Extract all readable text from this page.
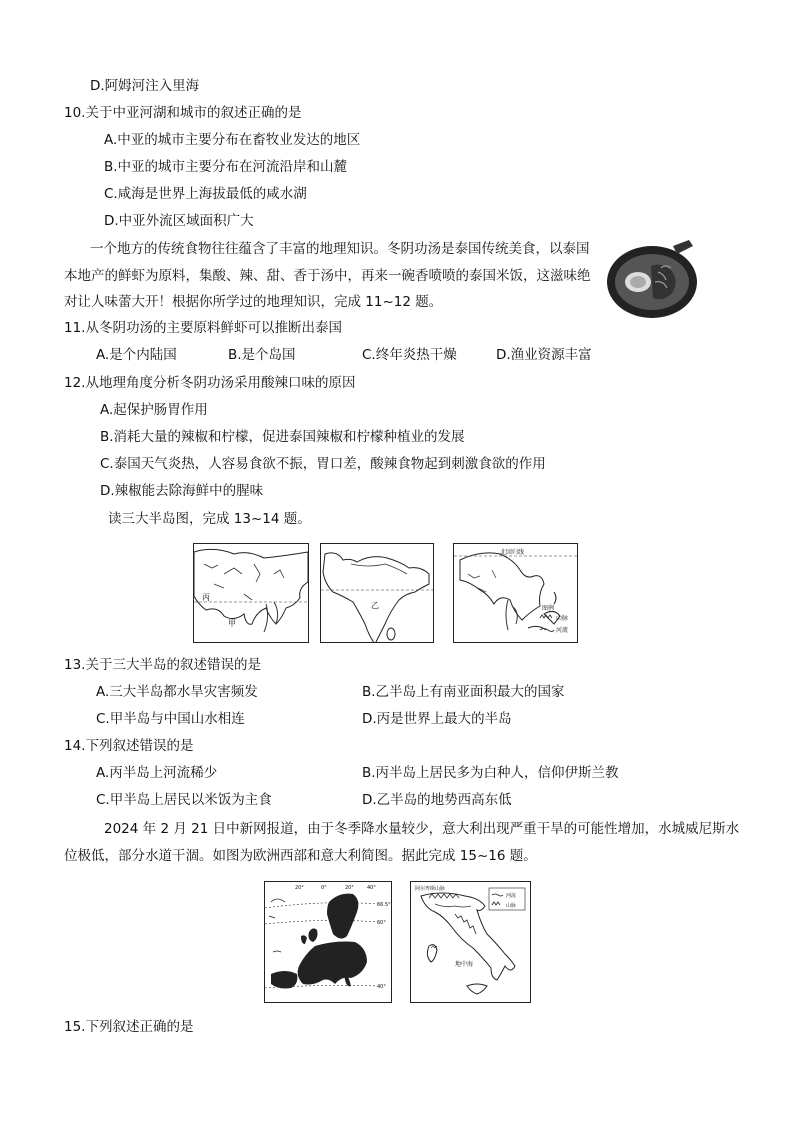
D.阿姆河注入里海
10.关于中亚河湖和城市的叙述正确的是
A.中亚的城市主要分布在畜牧业发达的地区
B.中亚的城市主要分布在河流沿岸和山麓
C.咸海是世界上海拔最低的咸水湖
D.中亚外流区域面积广大
一个地方的传统食物往往蕴含了丰富的地理知识。冬阴功汤是泰国传统美食，以泰国本地产的鲜虾为原料，集酸、辣、甜、香于汤中，再来一碗香喷喷的泰国米饭，这滋味绝对让人味蕾大开！根据你所学过的地理知识，完成 11~12 题。
11.从冬阴功汤的主要原料鲜虾可以推断出泰国
A.是个内陆国	B.是个岛国	C.终年炎热干燥	D.渔业资源丰富
12.从地理角度分析冬阴功汤采用酸辣口味的原因
A.起保护肠胃作用
B.消耗大量的辣椒和柠檬，促进泰国辣椒和柠檬种植业的发展
C.泰国天气炎热，人容易食欲不振，胃口差，酸辣食物起到刺激食欲的作用
D.辣椒能去除海鲜中的腥味
读三大半岛图，完成 13~14 题。
丙
甲
乙
北回归线
图例
山脉
河流
13.关于三大半岛的叙述错误的是
A.三大半岛都水旱灾害频发	B.乙半岛上有南亚面积最大的国家
C.甲半岛与中国山水相连	D.丙是世界上最大的半岛
14.下列叙述错误的是
A.丙半岛上河流稀少	B.丙半岛上居民多为白种人，信仰伊斯兰教
C.甲半岛上居民以米饭为主食	D.乙半岛的地势西高东低
2024 年 2 月 21 日中新网报道，由于冬季降水量较少，意大利出现严重干旱的可能性增加，水城威尼斯水位极低，部分水道干涸。如图为欧洲西部和意大利简图。据此完成 15~16 题。
20°	0°	20°	40°
66.5°
60°
40°
阿尔卑斯山脉
河流
山脉
地中海
15.下列叙述正确的是
